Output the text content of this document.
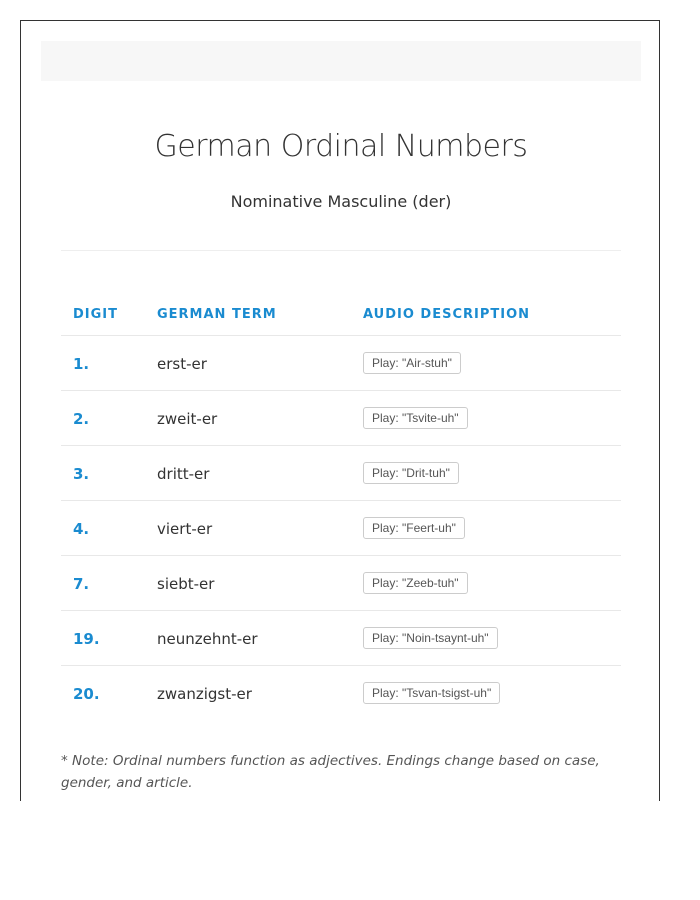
German Ordinal Numbers

Nominative Masculine (der)

DIGIT	GERMAN TERM	AUDIO DESCRIPTION
1.	erst-er	Play: "Air-stuh"
2.	zweit-er	Play: "Tsvite-uh"
3.	dritt-er	Play: "Drit-tuh"
4.	viert-er	Play: "Feert-uh"
7.	siebt-er	Play: "Zeeb-tuh"
19.	neunzehnt-er	Play: "Noin-tsaynt-uh"
20.	zwanzigst-er	Play: "Tsvan-tsigst-uh"

* Note: Ordinal numbers function as adjectives. Endings change based on case, gender, and article.
